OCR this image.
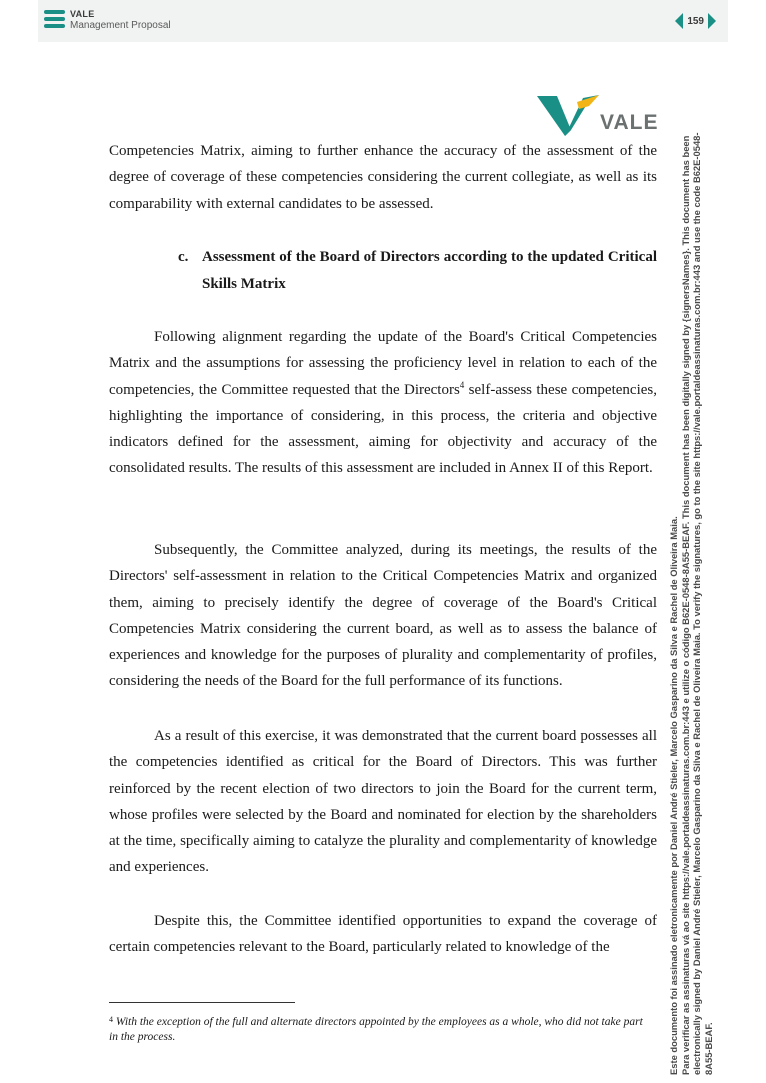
VALE
Management Proposal	159
VALE

Competencies Matrix, aiming to further enhance the accuracy of the assessment of the degree of coverage of these competencies considering the current collegiate, as well as its comparability with external candidates to be assessed.

c. Assessment of the Board of Directors according to the updated Critical Skills Matrix

Following alignment regarding the update of the Board's Critical Competencies Matrix and the assumptions for assessing the proficiency level in relation to each of the competencies, the Committee requested that the Directors$^4$ self-assess these competencies, highlighting the importance of considering, in this process, the criteria and objective indicators defined for the assessment, aiming for objectivity and accuracy of the consolidated results. The results of this assessment are included in Annex II of this Report.

Subsequently, the Committee analyzed, during its meetings, the results of the Directors' self-assessment in relation to the Critical Competencies Matrix and organized them, aiming to precisely identify the degree of coverage of the Board's Critical Competencies Matrix considering the current board, as well as to assess the balance of experiences and knowledge for the purposes of plurality and complementarity of profiles, considering the needs of the Board for the full performance of its functions.

As a result of this exercise, it was demonstrated that the current board possesses all the competencies identified as critical for the Board of Directors. This was further reinforced by the recent election of two directors to join the Board for the current term, whose profiles were selected by the Board and nominated for election by the shareholders at the time, specifically aiming to catalyze the plurality and complementarity of knowledge and experiences.

Despite this, the Committee identified opportunities to expand the coverage of certain competencies relevant to the Board, particularly related to knowledge of the

$^4$ With the exception of the full and alternate directors appointed by the employees as a whole, who did not take part in the process.	Este documento foi assinado eletronicamente por Daniel André Stieler, Marcelo Gasparino da Silva e Rachel de Oliveira Maia. Para verificar as assinaturas vá ao site https://vale.portaldeassinaturas.com.br:443 e utilize o código B62E-0548-8A55-BEAF. This document has been digitally signed by {signersNames}. This document has been electronically signed by Daniel André Stieler, Marcelo Gasparino da Silva e Rachel de Oliveira Maia. To verify the signatures, go to the site https://vale.portaldeassinaturas.com.br:443 and use the code B62E-0548- 8A55-BEAF.
